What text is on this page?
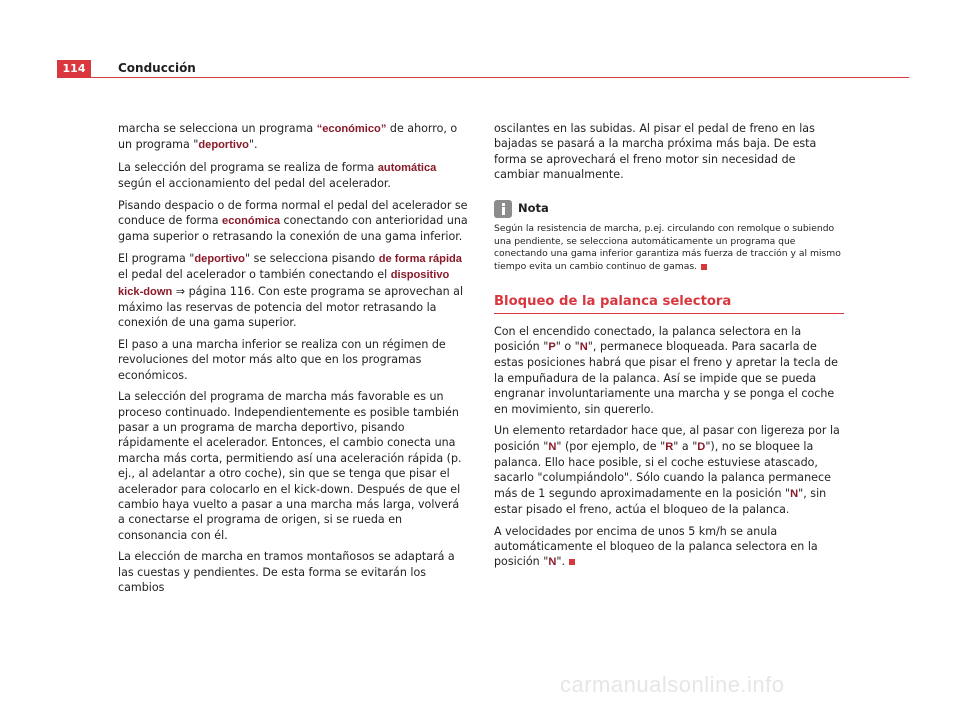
114	Conducción

marcha se selecciona un programa “económico” de ahorro, o un programa "deportivo".

La selección del programa se realiza de forma automática según el accionamiento del pedal del acelerador.

Pisando despacio o de forma normal el pedal del acelerador se conduce de forma económica conectando con anterioridad una gama superior o retrasando la conexión de una gama inferior.

El programa "deportivo" se selecciona pisando de forma rápida el pedal del acelerador o también conectando el dispositivo kick-down ⇒ página 116. Con este programa se aprovechan al máximo las reservas de potencia del motor retrasando la conexión de una gama superior.

El paso a una marcha inferior se realiza con un régimen de revoluciones del motor más alto que en los programas económicos.

La selección del programa de marcha más favorable es un proceso continuado. Independientemente es posible también pasar a un programa de marcha deportivo, pisando rápidamente el acelerador. Entonces, el cambio conecta una marcha más corta, permitiendo así una aceleración rápida (p. ej., al adelantar a otro coche), sin que se tenga que pisar el acelerador para colocarlo en el kick-down. Después de que el cambio haya vuelto a pasar a una marcha más larga, volverá a conectarse el programa de origen, si se rueda en consonancia con él.

La elección de marcha en tramos montañosos se adaptará a las cuestas y pendientes. De esta forma se evitarán los cambios

oscilantes en las subidas. Al pisar el pedal de freno en las bajadas se pasará a la marcha próxima más baja. De esta forma se aprovechará el freno motor sin necesidad de cambiar manualmente.

Nota
Según la resistencia de marcha, p.ej. circulando con remolque o subiendo una pendiente, se selecciona automáticamente un programa que conectando una gama inferior garantiza más fuerza de tracción y al mismo tiempo evita un cambio continuo de gamas.
Bloqueo de la palanca selectora

Con el encendido conectado, la palanca selectora en la posición "P" o "N", permanece bloqueada. Para sacarla de estas posiciones habrá que pisar el freno y apretar la tecla de la empuñadura de la palanca. Así se impide que se pueda engranar involuntariamente una marcha y se ponga el coche en movimiento, sin quererlo.

Un elemento retardador hace que, al pasar con ligereza por la posición "N" (por ejemplo, de "R" a "D"), no se bloquee la palanca. Ello hace posible, si el coche estuviese atascado, sacarlo "columpiándolo". Sólo cuando la palanca permanece más de 1 segundo aproximadamente en la posición "N", sin estar pisado el freno, actúa el bloqueo de la palanca.

A velocidades por encima de unos 5 km/h se anula automáticamente el bloqueo de la palanca selectora en la posición "N".

carmanualsonline.info
